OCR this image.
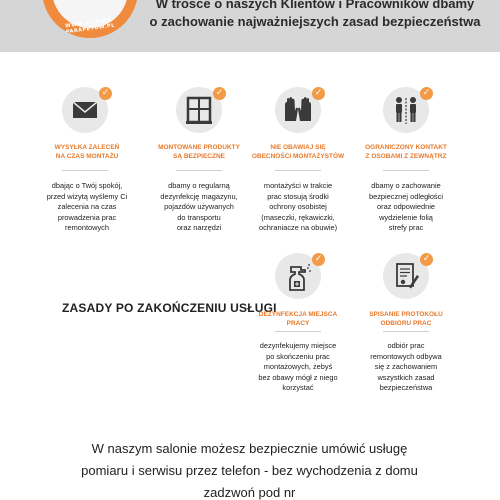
WWW.KLINIKA-PARAPETOW.PL
W trosce o naszych Klientów i Pracowników dbamy
o zachowanie najważniejszych zasad bezpieczeństwa
✓
WYSYŁKA ZALECEŃ
NA CZAS MONTAŻU
dbając o Twój spokój,
przed wizytą wyślemy Ci
zalecenia na czas
prowadzenia prac
remontowych
✓
MONTOWANE PRODUKTY
SĄ BEZPIECZNE
dbamy o regularną
dezynfekcję magazynu,
pojazdów używanych
do transportu
oraz narzędzi
✓
NIE OBAWIAJ SIĘ
OBECNOŚCI MONTAŻYSTÓW
montażyści w trakcie
prac stosują środki
ochrony osobistej
(maseczki, rękawiczki,
ochraniacze na obuwie)
✓
OGRANICZONY KONTAKT
Z OSOBAMI Z ZEWNĄTRZ
dbamy o zachowanie
bezpiecznej odległości
oraz odpowiednie
wydzielenie folią
strefy prac
ZASADY PO ZAKOŃCZENIU USŁUGI
✓
DEZYNFEKCJA MIEJSCA PRACY
dezynfekujemy miejsce
po skończeniu prac
montażowych, żebyś
bez obawy mógł z niego
korzystać
✓
SPISANIE PROTOKOŁU
ODBIORU PRAC
odbiór prac
remontowych odbywa
się z zachowaniem
wszystkich zasad
bezpieczeństwa
W naszym salonie możesz bezpiecznie umówić usługę
pomiaru i serwisu przez telefon - bez wychodzenia z domu
zadzwoń pod nr
